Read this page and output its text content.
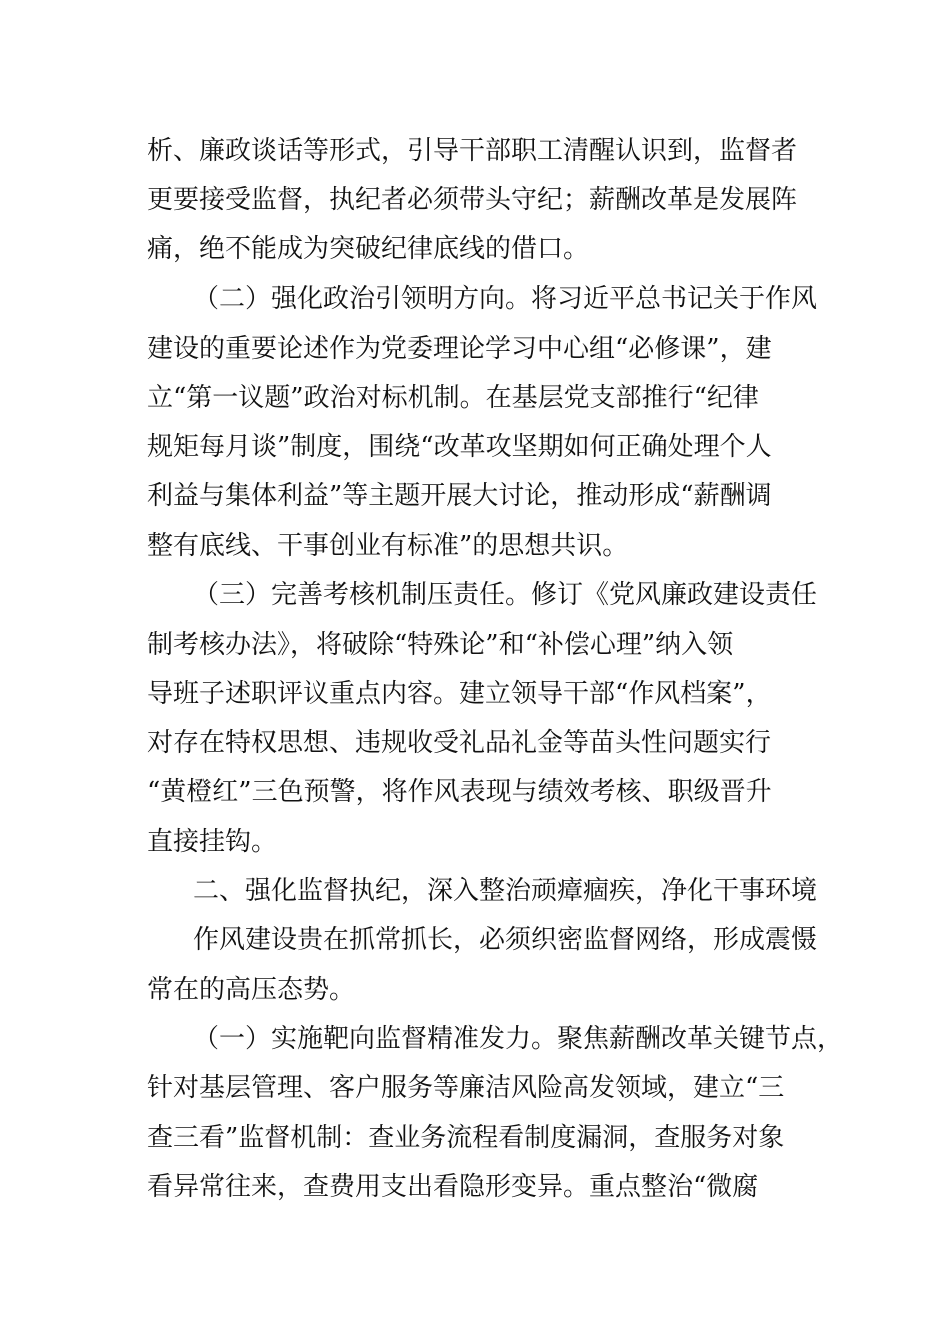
析、廉政谈话等形式，引导干部职工清醒认识到，监督者
更要接受监督，执纪者必须带头守纪；薪酬改革是发展阵
痛，绝不能成为突破纪律底线的借口。
（二）强化政治引领明方向。将习近平总书记关于作风
建设的重要论述作为党委理论学习中心组“必修课”，建
立“第一议题”政治对标机制。在基层党支部推行“纪律
规矩每月谈”制度，围绕“改革攻坚期如何正确处理个人
利益与集体利益”等主题开展大讨论，推动形成“薪酬调
整有底线、干事创业有标准”的思想共识。
（三）完善考核机制压责任。修订《党风廉政建设责任
制考核办法》，将破除“特殊论”和“补偿心理”纳入领
导班子述职评议重点内容。建立领导干部“作风档案”，
对存在特权思想、违规收受礼品礼金等苗头性问题实行
“黄橙红”三色预警，将作风表现与绩效考核、职级晋升
直接挂钩。
二、强化监督执纪，深入整治顽瘴痼疾，净化干事环境
作风建设贵在抓常抓长，必须织密监督网络，形成震慑
常在的高压态势。
（一）实施靶向监督精准发力。聚焦薪酬改革关键节点，
针对基层管理、客户服务等廉洁风险高发领域，建立“三
查三看”监督机制：查业务流程看制度漏洞，查服务对象
看异常往来，查费用支出看隐形变异。重点整治“微腐
